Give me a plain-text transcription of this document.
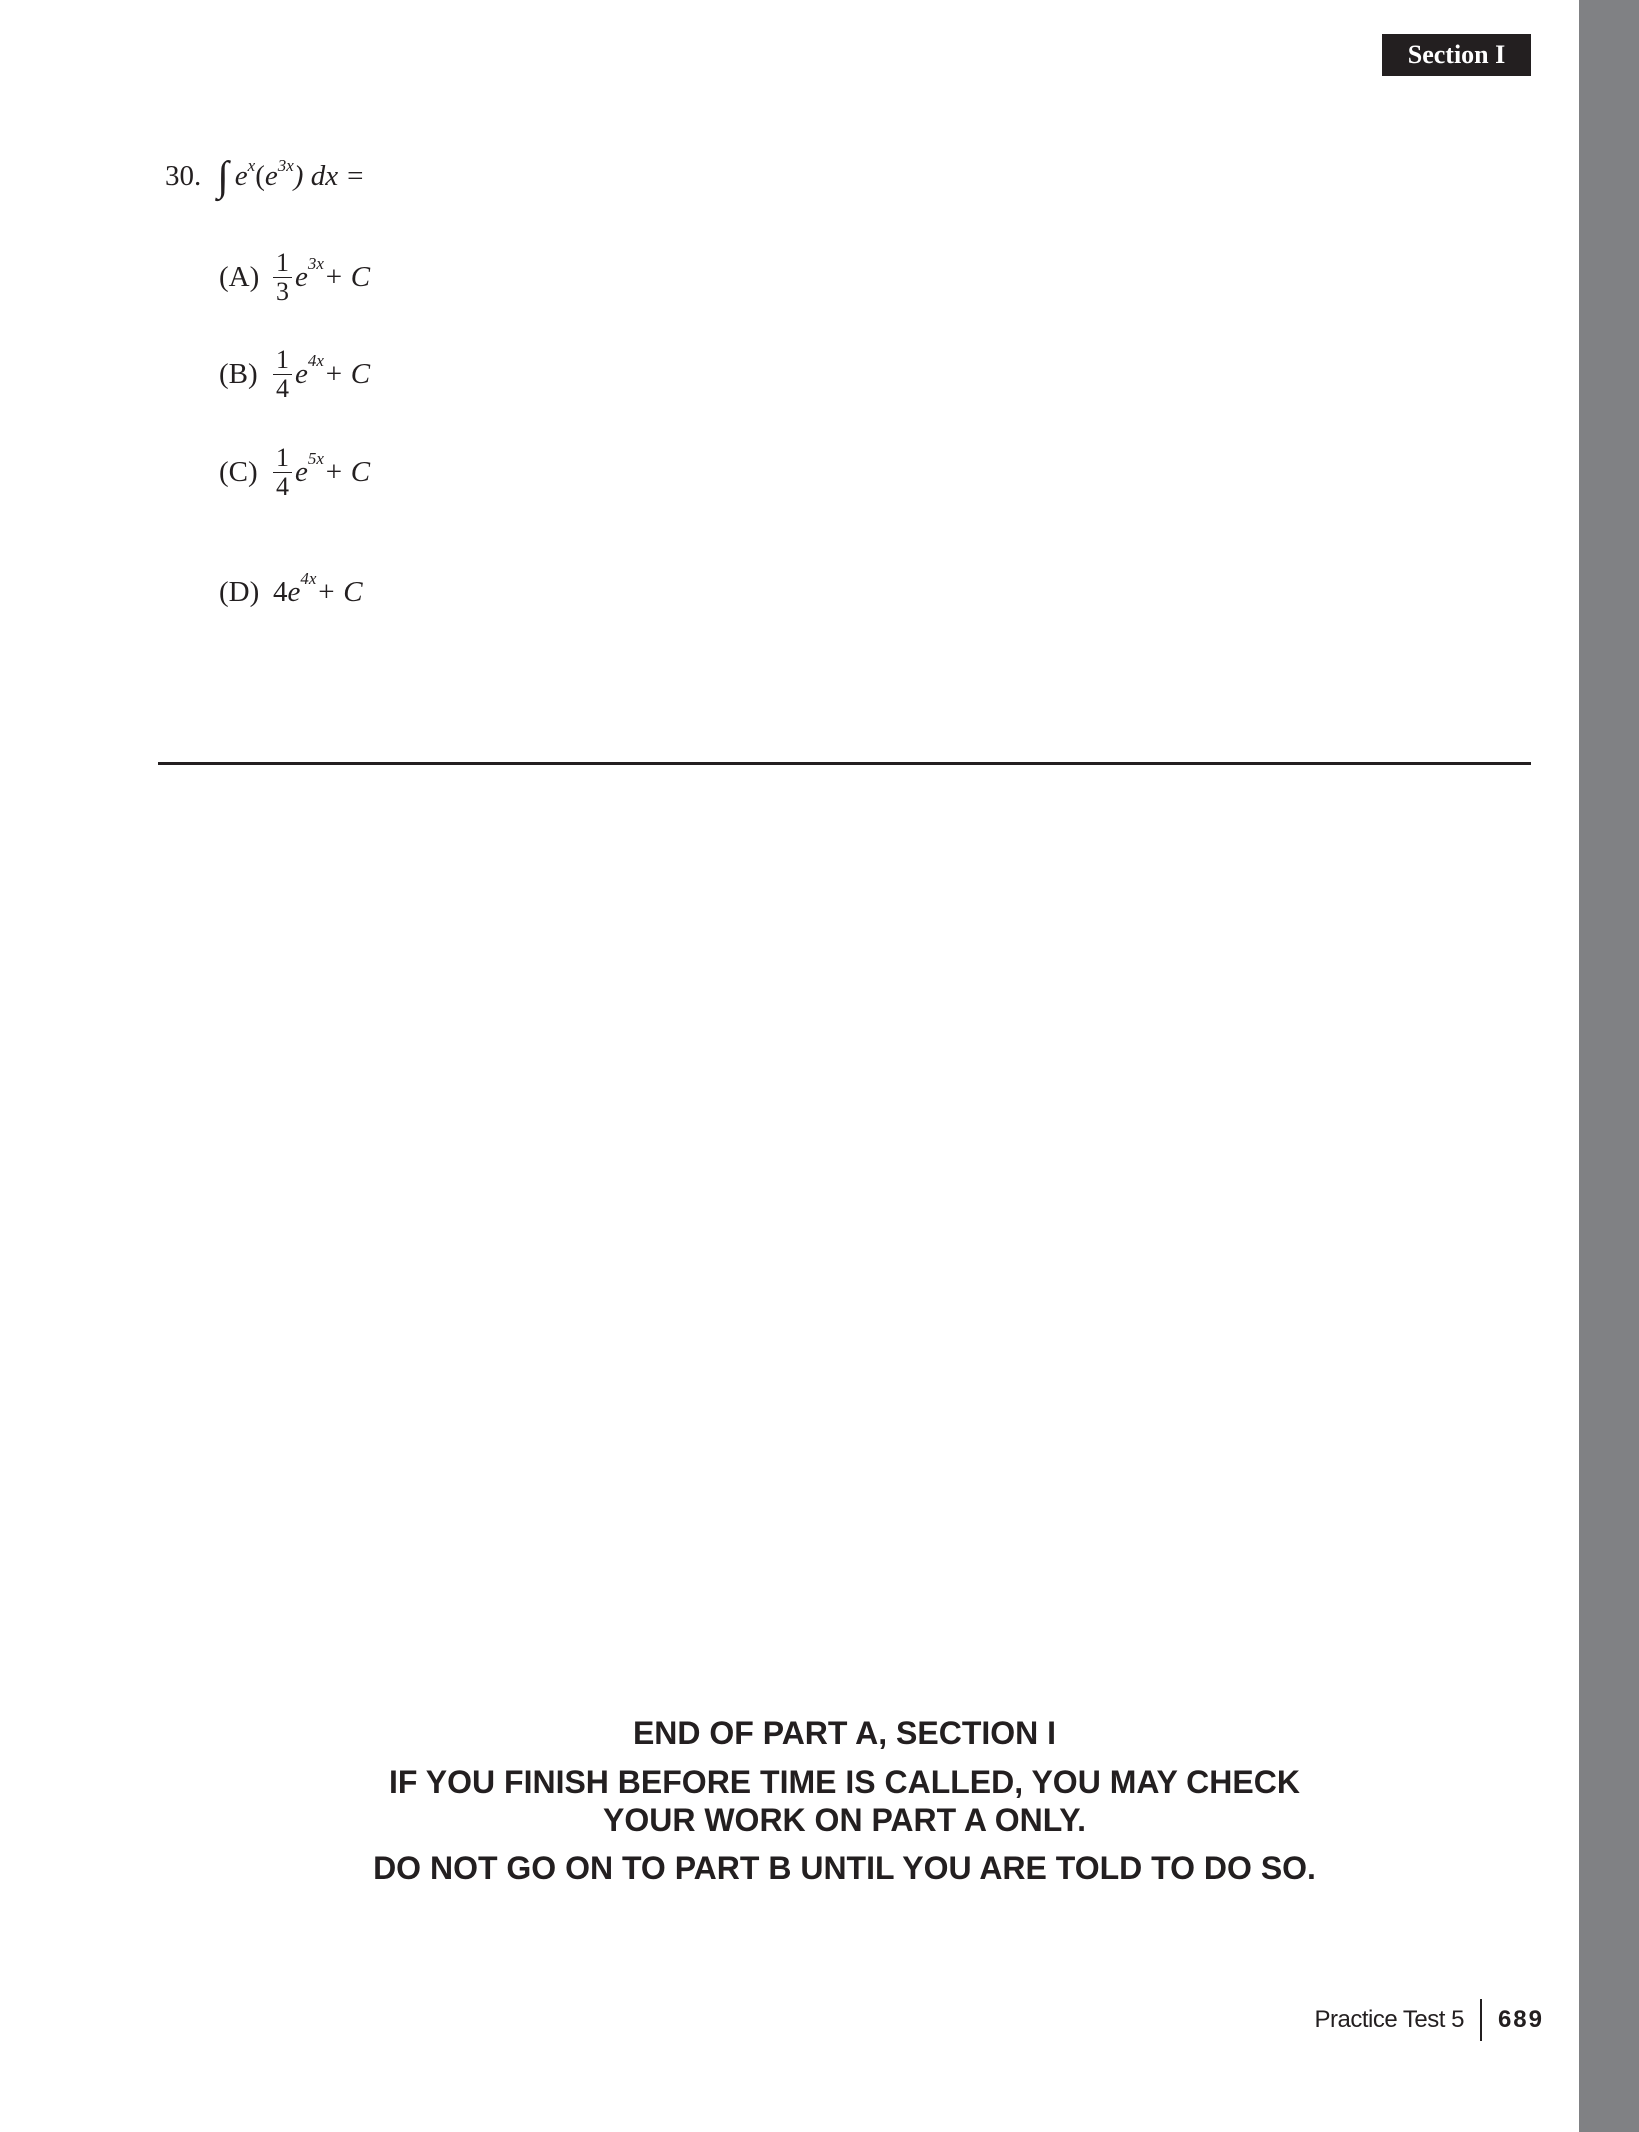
Section I
30. ∫ $e^x(e^{3x})$ dx =
$(A) \frac{1}{3} e^{3x} + C$
$(B) \frac{1}{4} e^{4x} + C$
$(C) \frac{1}{4} e^{5x} + C$
(D) 4 $e^{4x} + C$
END OF PART A, SECTION I
IF YOU FINISH BEFORE TIME IS CALLED, YOU MAY CHECK
YOUR WORK ON PART A ONLY.
DO NOT GO ON TO PART B UNTIL YOU ARE TOLD TO DO SO.
Practice Test 5 689
